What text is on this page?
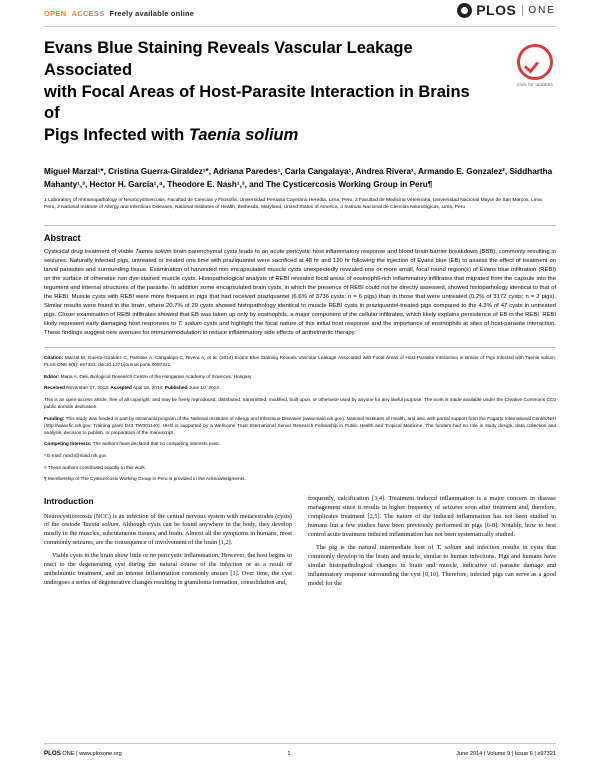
OPEN ACCESS Freely available online	PLOS	ONE
click for updates
Evans Blue Staining Reveals Vascular Leakage Associated
with Focal Areas of Host-Parasite Interaction in Brains of
Pigs Infected with Taenia solium
Miguel Marzal¹*, Cristina Guerra-Giraldez¹*, Adriana Paredes¹, Carla Cangalaya¹, Andrea Rivera¹, Armando E. Gonzalez², Siddhartha Mahanty¹,³, Hector H. García¹,⁴, Theodore E. Nash¹,³, and The Cysticercosis Working Group in Peru¶
1 Laboratory of Immunopathology in Neurocysticercosis, Facultad de Ciencias y Filosofía, Universidad Peruana Cayetano Heredia, Lima, Peru, 2 Facultad de Medicina Veterinaria, Universidad Nacional Mayor de San Marcos, Lima, Peru, 3 National Institute of Allergy and Infectious Diseases, National Institutes of Health, Bethesda, Maryland, United States of America, 4 Instituto Nacional de Ciencias Neurológicas, Lima, Peru
Abstract
Cysticidal drug treatment of viable Taenia solium brain parenchymal cysts leads to an acute pericystic host inflammatory response and blood brain barrier breakdown (BBB), commonly resulting in seizures. Naturally infected pigs, untreated or treated one time with praziquantel were sacrificed at 48 hr and 120 hr following the injection of Evans blue (EB) to assess the effect of treatment on larval parasites and surrounding tissue. Examination of harvested non encapsulated muscle cysts unexpectedly revealed one or more small, focal round region(s) of Evans blue infiltration (REBI) on the surface of otherwise non dye-stained muscle cysts. Histopathological analysis of REBI revealed focal areas of eosinophil-rich inflammatory infiltrates that migrated from the capsule into the tegument and internal structures of the parasite. In addition some encapsulated brain cysts, in which the presence of REBI could not be directly assessed, showed histopathology identical to that of the REBI. Muscle cysts with REBI were more frequent in pigs that had received praziquantel (6.6% of 3736 cysts; n = 6 pigs) than in those that were untreated (0.2% of 3172 cysts; n = 2 pigs). Similar results were found in the brain, where 20.7% of 29 cysts showed histopathology identical to muscle REBI cysts in praziquantel-treated pigs compared to the 4.3% of 47 cysts in untreated pigs. Closer examination of REBI infiltrates showed that EB was taken up only by eosinophils, a major component of the cellular infiltrates, which likely explains persistence of EB in the REBI. REBI likely represent early damaging host responses to T. solium cysts and highlight the focal nature of this initial host response and the importance of eosinophils at sites of host-parasite interaction. These findings suggest new avenues for immunomodulation to reduce inflammatory side effects of anthelmintic therapy.

Citation: Marzal M, Guerra-Giraldez C, Paredes A, Cangalaya C, Rivera A, et al. (2014) Evans Blue Staining Reveals Vascular Leakage Associated with Focal Areas of Host-Parasite Interaction in Brains of Pigs Infected with Taenia solium. PLoS ONE 9(6): e97321. doi:10.1371/journal.pone.0097321

Editor: Maria A. Deli, Biological Research Centre of the Hungarian Academy of Sciences, Hungary

Received November 27, 2013; Accepted April 18, 2014; Published June 10, 2014

This is an open-access article, free of all copyright, and may be freely reproduced, distributed, transmitted, modified, built upon, or otherwise used by anyone for any lawful purpose. The work is made available under the Creative Commons CC0 public domain dedication.

Funding: This study was funded in part by intramural program of the National Institutes of Allergy and Infectious Diseases (www.niaid.nih.gov), National Institutes of Health, and also with partial support from the Fogarty International Center/NIH (http://www.fic.nih.gov; Training grant D43 TW001140). HHG is supported by a Wellcome Trust International Senior Research Fellowship in Public Health and Tropical Medicine. The funders had no role in study design, data collection and analysis, decision to publish, or preparation of the manuscript.

Competing Interests: The authors have declared that no competing interests exist.

* E-mail: mach@niaid.nih.gov

¤ These authors contributed equally to this work.

¶ Membership of The Cysticercosis Working Group in Peru is provided in the Acknowledgments.

Introduction

Neurocysticercosis (NCC) is an infection of the central nervous system with metacestodes (cysts) of the cestode Taenia solium. Although cysts can be found anywhere in the body, they develop mostly in the muscles, subcutaneous tissues, and brain. Almost all the symptoms in humans, most commonly seizures, are the consequence of involvement of the brain [1,2].

Viable cysts in the brain show little or no pericystic inflammation. However, the host begins to react to the degenerating cyst during the natural course of the infection or as a result of anthelmintic treatment, and an intense inflammation commonly ensues [1]. Over time, the cyst undergoes a series of degenerative changes resulting in granuloma formation, consolidation and,

frequently, calcification [3,4]. Treatment induced inflammation is a major concern in disease management since it results in higher frequency of seizures soon after treatment and, therefore, complicates treatment [2,5]. The nature of the induced inflammation has not been studied in humans but a few studies have been previously performed in pigs [6-8]. Notably, how to best control acute treatment induced inflammation has not been systematically studied.

The pig is the natural intermediate host of T. solium and infection results in cysts that commonly develop in the brain and muscle, similar to human infections. Pigs and humans have similar histopathological changes in brain and muscle, indicative of parasite damage and inflammatory response surrounding the cyst [9,10]. Therefore, infected pigs can serve as a good model for the

PLOS ONE | www.plosone.org	1	June 2014 | Volume 9 | Issue 6 | e97321
